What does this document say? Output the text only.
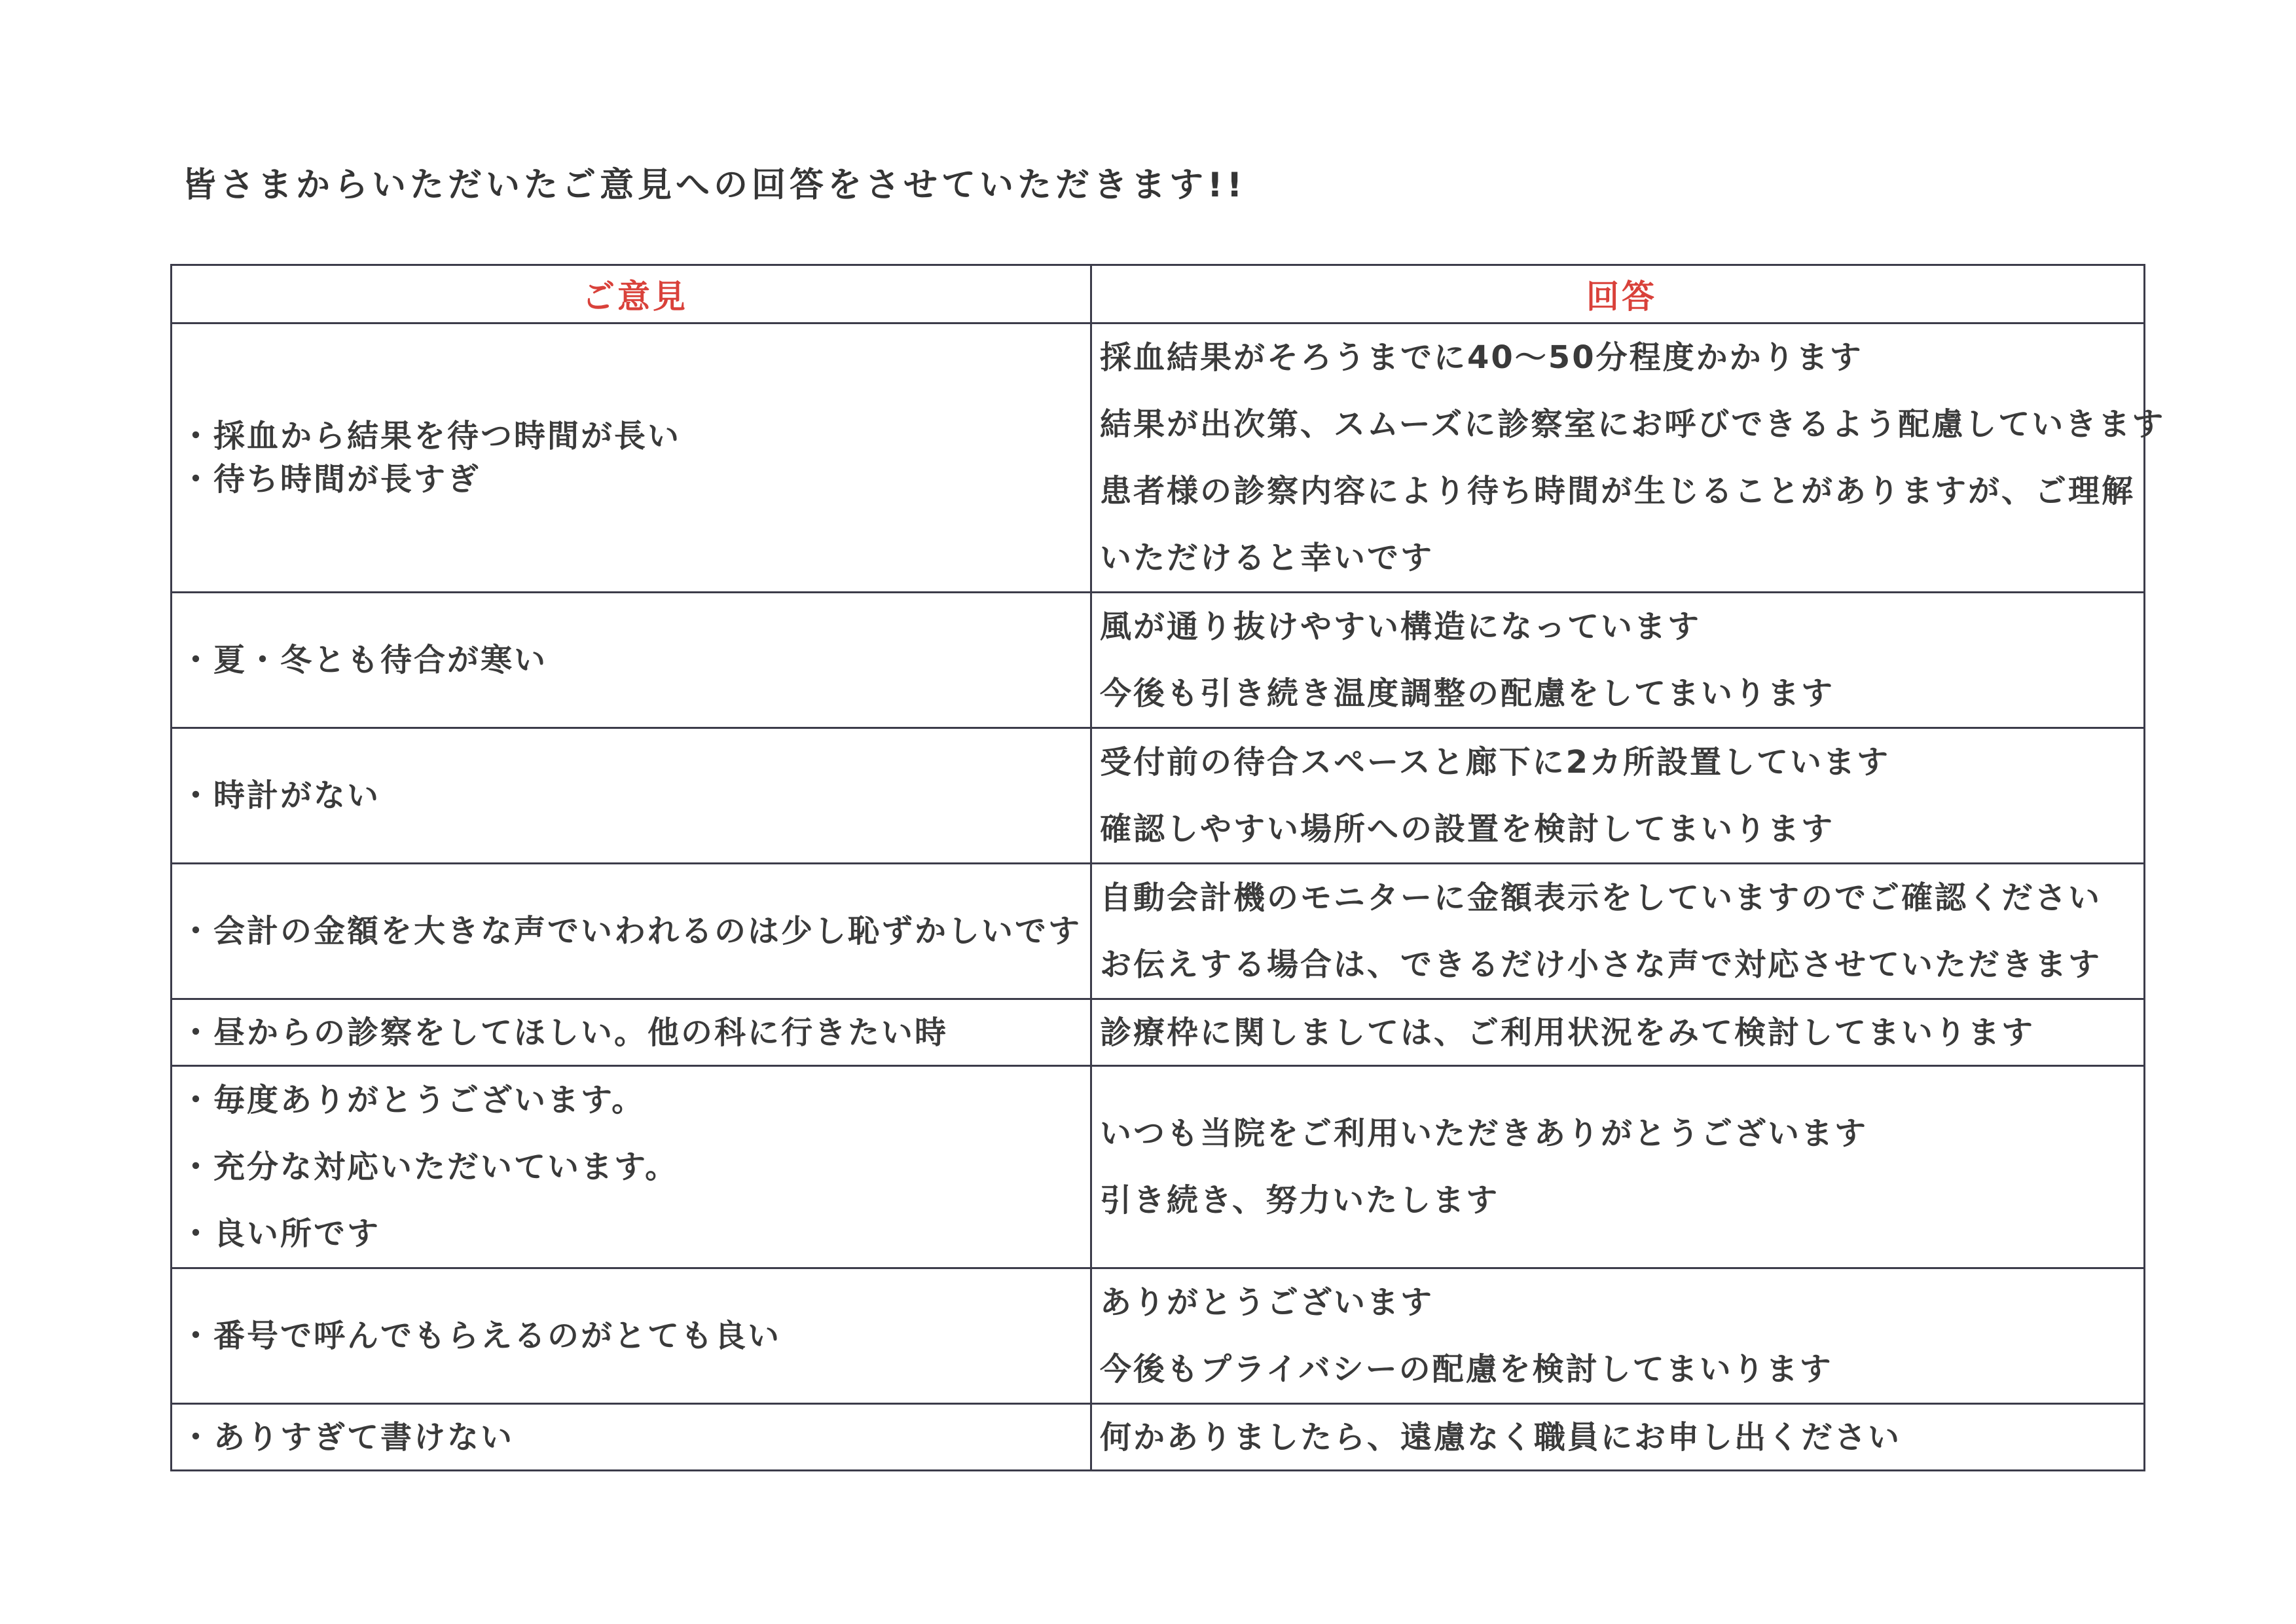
皆さまからいただいたご意見への回答をさせていただきます!!
ご意見	回答

・採血から結果を待つ時間が長い
・待ち時間が長すぎ	採血結果がそろうまでに40〜50分程度かかります
結果が出次第、スムーズに診察室にお呼びできるよう配慮していきます
患者様の診察内容により待ち時間が生じることがありますが、ご理解
いただけると幸いです

・夏・冬とも待合が寒い	風が通り抜けやすい構造になっています
今後も引き続き温度調整の配慮をしてまいります

・時計がない	受付前の待合スペースと廊下に2カ所設置しています
確認しやすい場所への設置を検討してまいります

・会計の金額を大きな声でいわれるのは少し恥ずかしいです	自動会計機のモニターに金額表示をしていますのでご確認ください
お伝えする場合は、できるだけ小さな声で対応させていただきます

・昼からの診察をしてほしい。他の科に行きたい時	診療枠に関しましては、ご利用状況をみて検討してまいります

・毎度ありがとうございます。
・充分な対応いただいています。
・良い所です	いつも当院をご利用いただきありがとうございます
引き続き、努力いたします

・番号で呼んでもらえるのがとても良い	ありがとうございます
今後もプライバシーの配慮を検討してまいります

・ありすぎて書けない	何かありましたら、遠慮なく職員にお申し出ください
